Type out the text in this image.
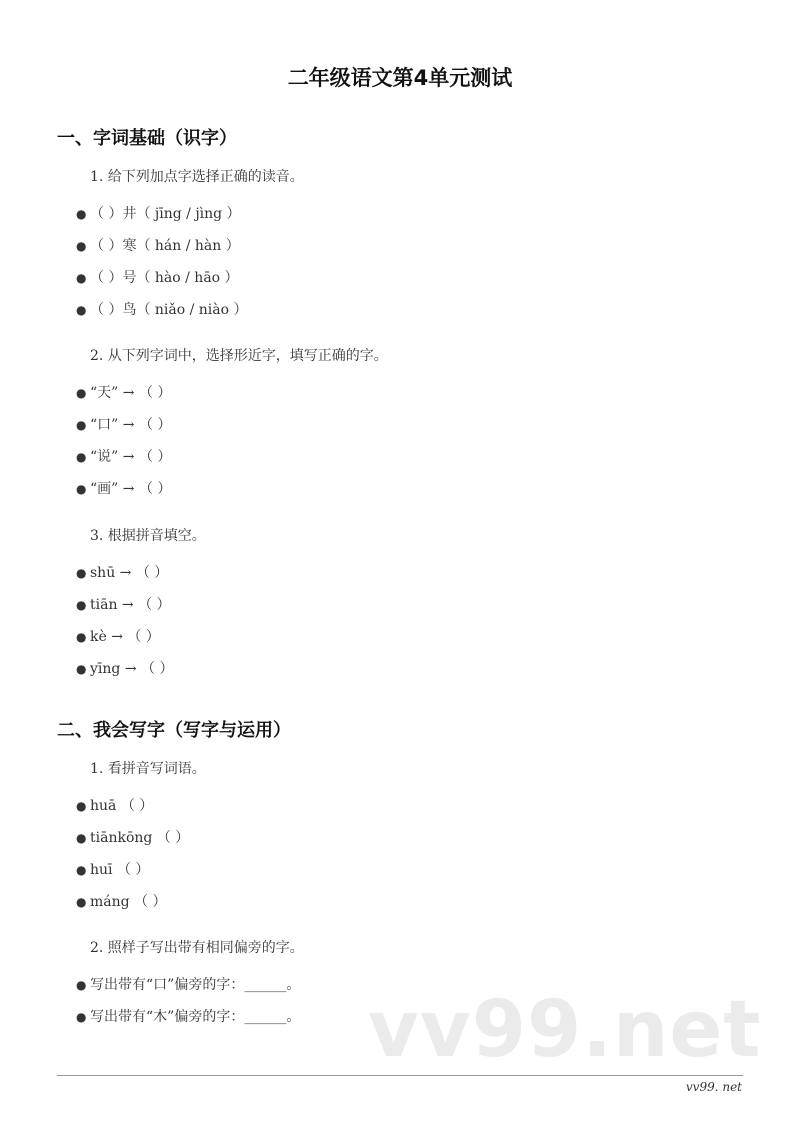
二年级语文第4单元测试
一、字词基础（识字）
1. 给下列加点字选择正确的读音。
● （ ）井（ jīng / jìng ）
● （ ）寒（ hán / hàn ）
● （ ）号（ hào / hāo ）
● （ ）鸟（ niǎo / niào ）
2. 从下列字词中，选择形近字，填写正确的字。
● “天” → （ ）
● “口” → （ ）
● “说” → （ ）
● “画” → （ ）
3. 根据拼音填空。
● shū → （ ）
● tiān → （ ）
● kè → （ ）
● yīng → （ ）
二、我会写字（写字与运用）
1. 看拼音写词语。
● huā （ ）
● tiānkōng （ ）
● huī （ ）
● máng （ ）
2. 照样子写出带有相同偏旁的字。
● 写出带有“口”偏旁的字：______。
● 写出带有“木”偏旁的字：______。 vv99.net
vv99. net
